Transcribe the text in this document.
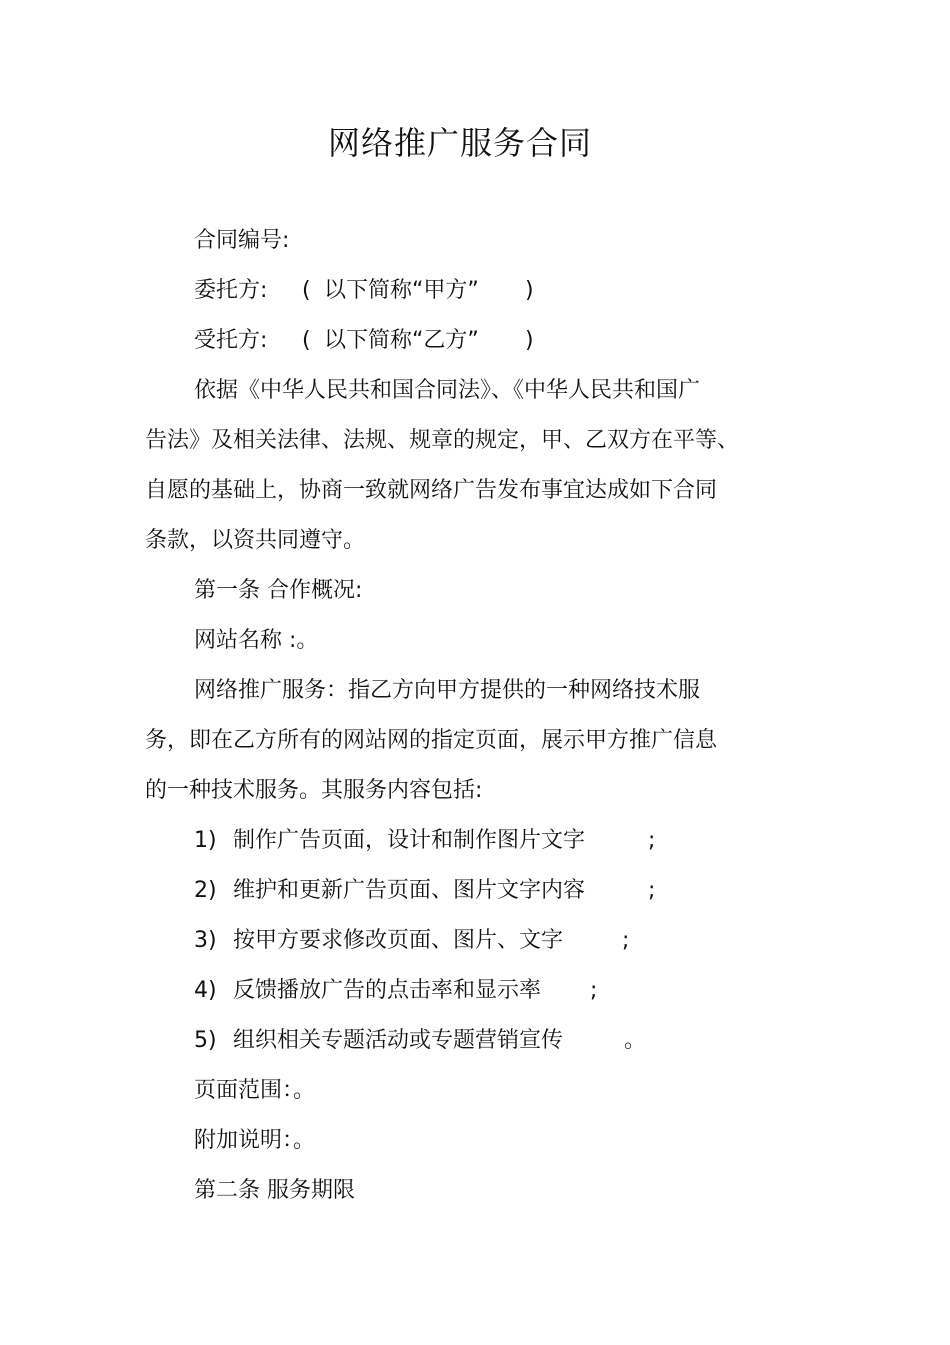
网络推广服务合同
合同编号:
委托方: ( 以下简称“甲方” )
受托方: ( 以下简称“乙方” )
依据《中华人民共和国合同法》、《中华人民共和国广
告法》及相关法律、法规、规章的规定，甲、乙双方在平等、
自愿的基础上，协商一致就网络广告发布事宜达成如下合同
条款，以资共同遵守。
第一条 合作概况:
网站名称 :。
网络推广服务：指乙方向甲方提供的一种网络技术服
务，即在乙方所有的网站网的指定页面，展示甲方推广信息
的一种技术服务。其服务内容包括:
1) 制作广告页面，设计和制作图片文字	;
2) 维护和更新广告页面、图片文字内容	;
3) 按甲方要求修改页面、图片、文字	;
4) 反馈播放广告的点击率和显示率 ;
5) 组织相关专题活动或专题营销宣传	。
页面范围：。
附加说明：。
第二条 服务期限
